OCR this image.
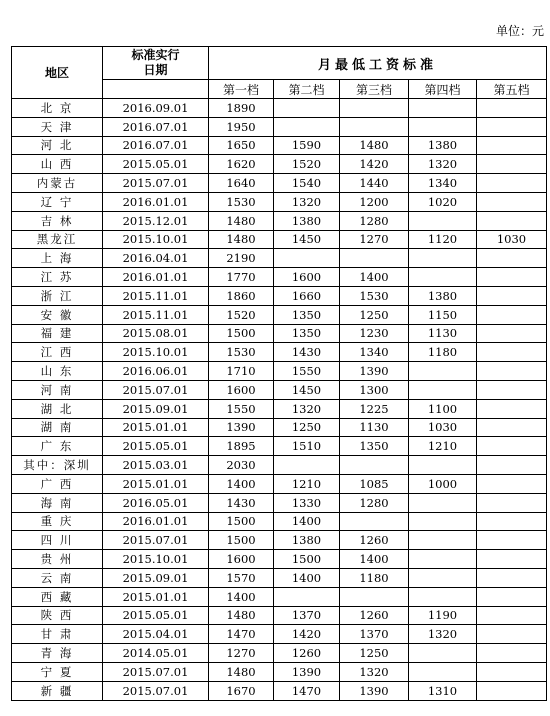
单位：元
地区	标准实行
日期	月最低工资标准				
		第一档	第二档	第三档	第四档	第五档
北 京	2016.09.01	1890				
天 津	2016.07.01	1950				
河 北	2016.07.01	1650	1590	1480	1380	
山 西	2015.05.01	1620	1520	1420	1320	
内蒙古	2015.07.01	1640	1540	1440	1340	
辽 宁	2016.01.01	1530	1320	1200	1020	
吉 林	2015.12.01	1480	1380	1280		
黑龙江	2015.10.01	1480	1450	1270	1120	1030
上 海	2016.04.01	2190				
江 苏	2016.01.01	1770	1600	1400		
浙 江	2015.11.01	1860	1660	1530	1380	
安 徽	2015.11.01	1520	1350	1250	1150	
福 建	2015.08.01	1500	1350	1230	1130	
江 西	2015.10.01	1530	1430	1340	1180	
山 东	2016.06.01	1710	1550	1390		
河 南	2015.07.01	1600	1450	1300		
湖 北	2015.09.01	1550	1320	1225	1100	
湖 南	2015.01.01	1390	1250	1130	1030	
广 东	2015.05.01	1895	1510	1350	1210	
其中：深圳	2015.03.01	2030				
广 西	2015.01.01	1400	1210	1085	1000	
海 南	2016.05.01	1430	1330	1280		
重 庆	2016.01.01	1500	1400			
四 川	2015.07.01	1500	1380	1260		
贵 州	2015.10.01	1600	1500	1400		
云 南	2015.09.01	1570	1400	1180		
西 藏	2015.01.01	1400				
陕 西	2015.05.01	1480	1370	1260	1190	
甘 肃	2015.04.01	1470	1420	1370	1320	
青 海	2014.05.01	1270	1260	1250		
宁 夏	2015.07.01	1480	1390	1320		
新 疆	2015.07.01	1670	1470	1390	1310	
